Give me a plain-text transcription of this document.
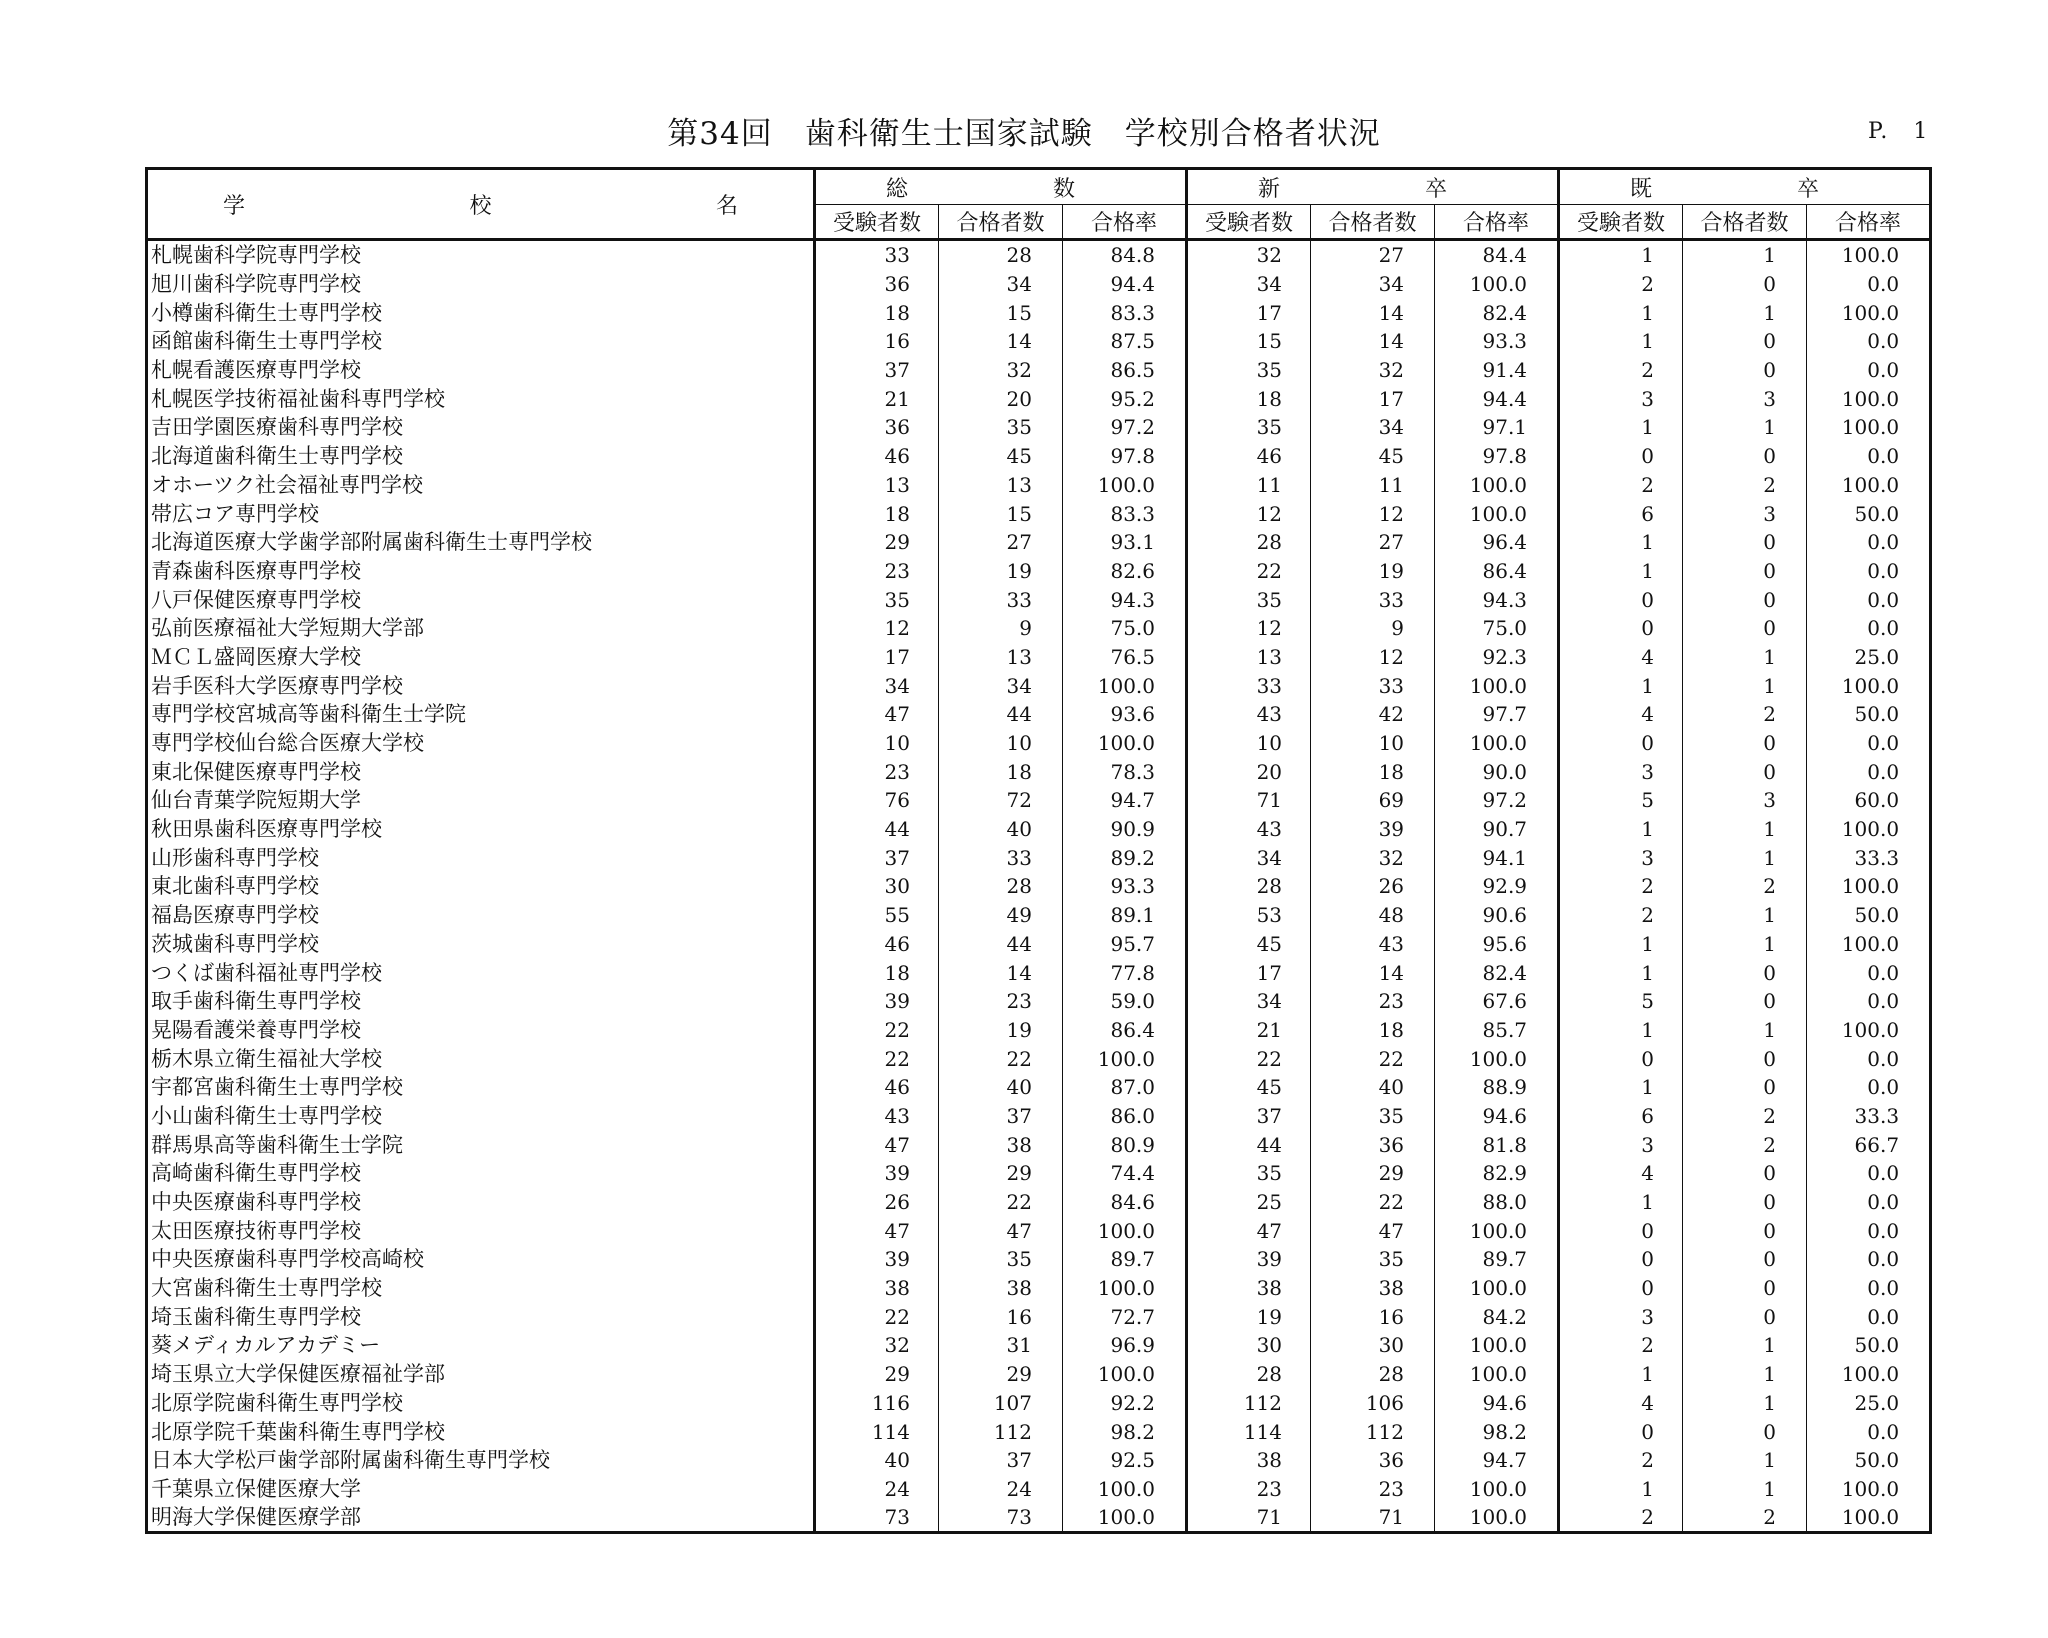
第34回　歯科衛生士国家試験　学校別合格者状況	P.　1
学 校 名	総 数			新 卒			既 卒		

	受験者数	合格者数	合格率	受験者数	合格者数	合格率	受験者数	合格者数	合格率
札幌歯科学院専門学校	33	28	84.8	32	27	84.4	1	1	100.0
旭川歯科学院専門学校	36	34	94.4	34	34	100.0	2	0	0.0
小樽歯科衛生士専門学校	18	15	83.3	17	14	82.4	1	1	100.0
函館歯科衛生士専門学校	16	14	87.5	15	14	93.3	1	0	0.0
札幌看護医療専門学校	37	32	86.5	35	32	91.4	2	0	0.0
札幌医学技術福祉歯科専門学校	21	20	95.2	18	17	94.4	3	3	100.0
吉田学園医療歯科専門学校	36	35	97.2	35	34	97.1	1	1	100.0
北海道歯科衛生士専門学校	46	45	97.8	46	45	97.8	0	0	0.0
オホーツク社会福祉専門学校	13	13	100.0	11	11	100.0	2	2	100.0
帯広コア専門学校	18	15	83.3	12	12	100.0	6	3	50.0
北海道医療大学歯学部附属歯科衛生士専門学校	29	27	93.1	28	27	96.4	1	0	0.0
青森歯科医療専門学校	23	19	82.6	22	19	86.4	1	0	0.0
八戸保健医療専門学校	35	33	94.3	35	33	94.3	0	0	0.0
弘前医療福祉大学短期大学部	12	9	75.0	12	9	75.0	0	0	0.0
ＭＣＬ盛岡医療大学校	17	13	76.5	13	12	92.3	4	1	25.0
岩手医科大学医療専門学校	34	34	100.0	33	33	100.0	1	1	100.0
専門学校宮城高等歯科衛生士学院	47	44	93.6	43	42	97.7	4	2	50.0
専門学校仙台総合医療大学校	10	10	100.0	10	10	100.0	0	0	0.0
東北保健医療専門学校	23	18	78.3	20	18	90.0	3	0	0.0
仙台青葉学院短期大学	76	72	94.7	71	69	97.2	5	3	60.0
秋田県歯科医療専門学校	44	40	90.9	43	39	90.7	1	1	100.0
山形歯科専門学校	37	33	89.2	34	32	94.1	3	1	33.3
東北歯科専門学校	30	28	93.3	28	26	92.9	2	2	100.0
福島医療専門学校	55	49	89.1	53	48	90.6	2	1	50.0
茨城歯科専門学校	46	44	95.7	45	43	95.6	1	1	100.0
つくば歯科福祉専門学校	18	14	77.8	17	14	82.4	1	0	0.0
取手歯科衛生専門学校	39	23	59.0	34	23	67.6	5	0	0.0
晃陽看護栄養専門学校	22	19	86.4	21	18	85.7	1	1	100.0
栃木県立衛生福祉大学校	22	22	100.0	22	22	100.0	0	0	0.0
宇都宮歯科衛生士専門学校	46	40	87.0	45	40	88.9	1	0	0.0
小山歯科衛生士専門学校	43	37	86.0	37	35	94.6	6	2	33.3
群馬県高等歯科衛生士学院	47	38	80.9	44	36	81.8	3	2	66.7
高崎歯科衛生専門学校	39	29	74.4	35	29	82.9	4	0	0.0
中央医療歯科専門学校	26	22	84.6	25	22	88.0	1	0	0.0
太田医療技術専門学校	47	47	100.0	47	47	100.0	0	0	0.0
中央医療歯科専門学校高崎校	39	35	89.7	39	35	89.7	0	0	0.0
大宮歯科衛生士専門学校	38	38	100.0	38	38	100.0	0	0	0.0
埼玉歯科衛生専門学校	22	16	72.7	19	16	84.2	3	0	0.0
葵メディカルアカデミー	32	31	96.9	30	30	100.0	2	1	50.0
埼玉県立大学保健医療福祉学部	29	29	100.0	28	28	100.0	1	1	100.0
北原学院歯科衛生専門学校	116	107	92.2	112	106	94.6	4	1	25.0
北原学院千葉歯科衛生専門学校	114	112	98.2	114	112	98.2	0	0	0.0
日本大学松戸歯学部附属歯科衛生専門学校	40	37	92.5	38	36	94.7	2	1	50.0
千葉県立保健医療大学	24	24	100.0	23	23	100.0	1	1	100.0
明海大学保健医療学部	73	73	100.0	71	71	100.0	2	2	100.0
